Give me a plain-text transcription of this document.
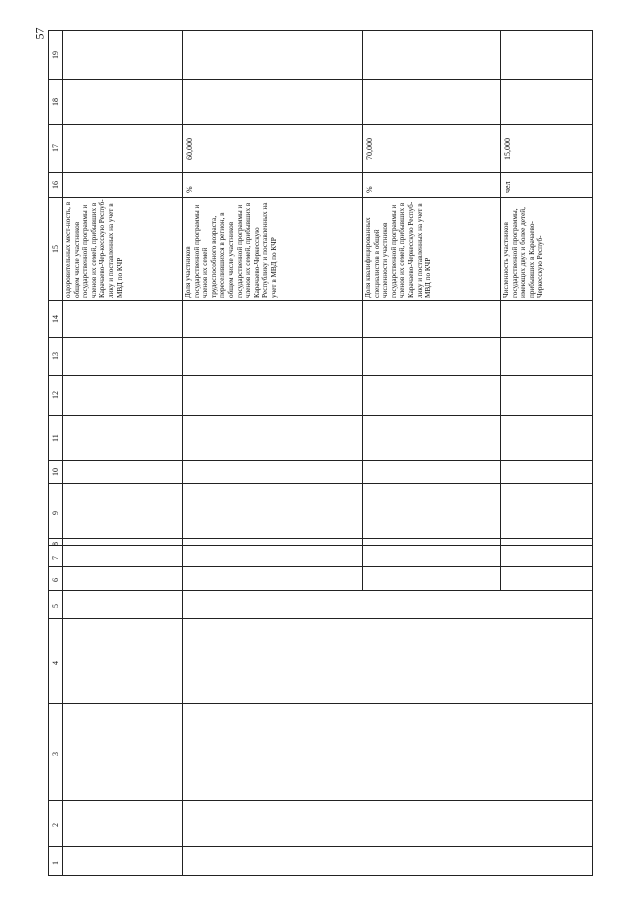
57
1
2
3
4
5
6
7
8
9
10
11
12
13
14
15
16
17
18
19
оздоровительных мест-ность, в общем числе участников государственной программы и членов их семей, прибывших в Карачаево-Чер-кесскую Респуб-лику и поставленных на учет в МВД по КЧР	Доля участников государственной программы и членов их семей трудоспособного возраста, переселившихся в регион, в общем числе участников государственной программы и членов их семей, прибывших в Карачаево-Черкесскую Республику и поставленных на учет в МВД по КЧР
%
60,000
Доля квалифицированных специалистов в общей численности участников государственной программы и членов их семей, прибывших в Карачаево-Черкесскую Респуб-лику и поставленных на учет в МВД по КЧР
%
70,000
Численность участников государственной программы, имеющих двух и более детей, прибывших в Карачаево-Черкесскую Респуб-
чел
15,000
